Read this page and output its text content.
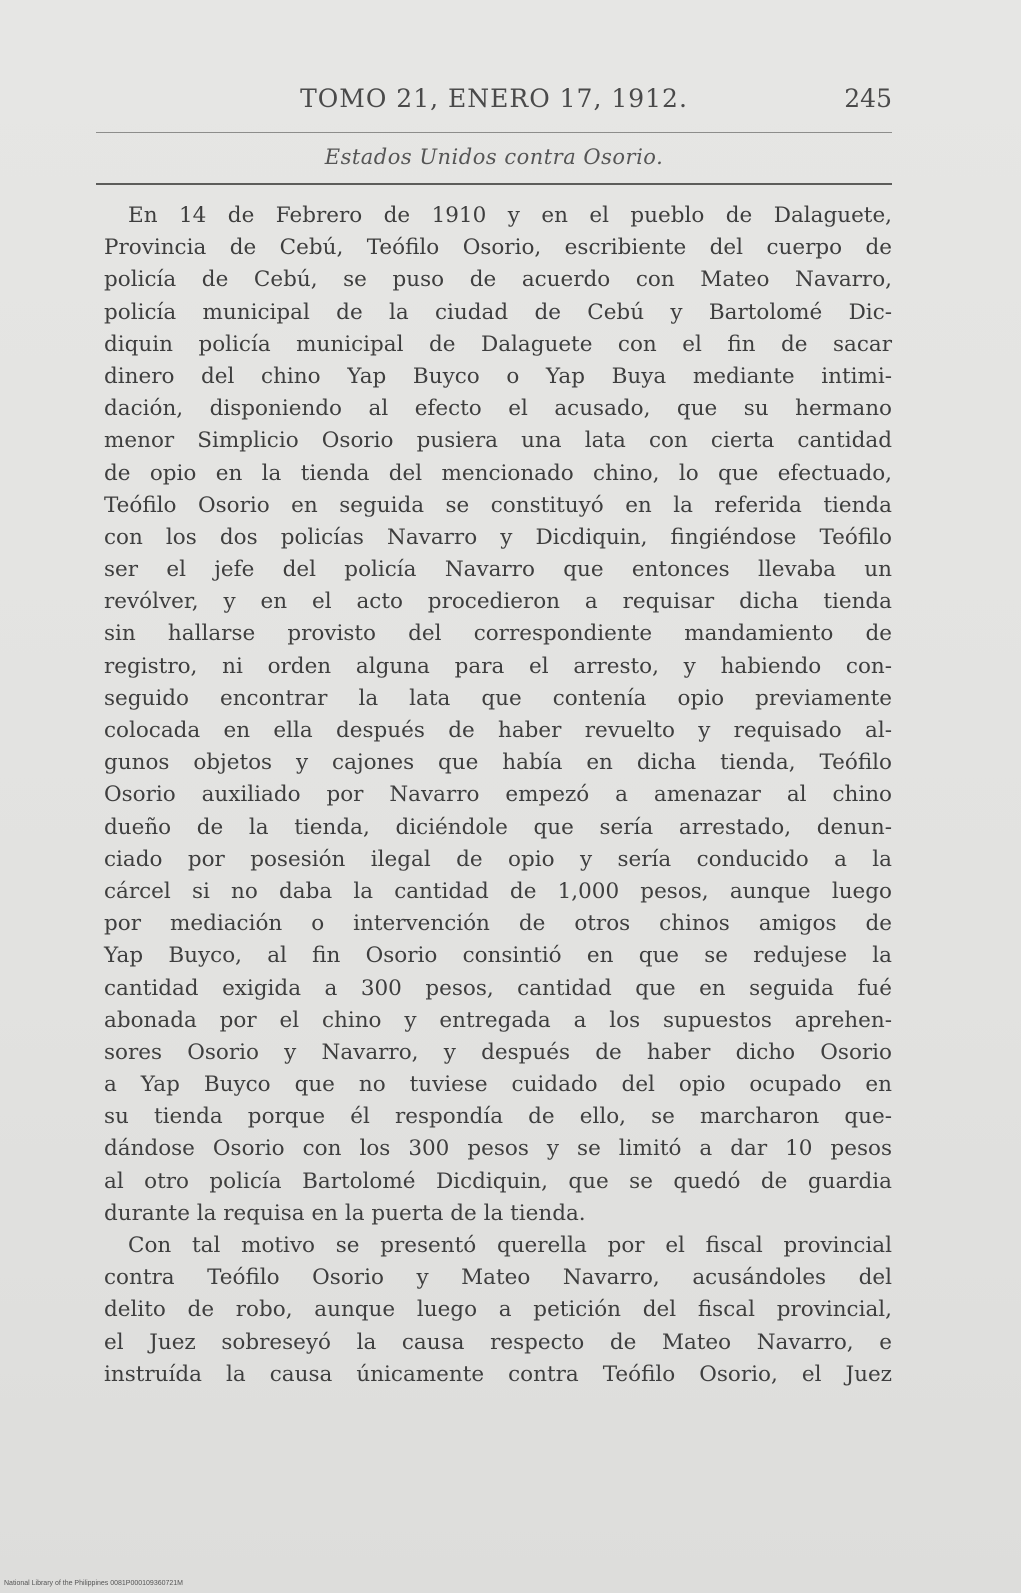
TOMO 21, ENERO 17, 1912.	245
Estados Unidos contra Osorio.
En 14 de Febrero de 1910 y en el pueblo de Dalaguete,
Provincia de Cebú, Teófilo Osorio, escribiente del cuerpo de
policía de Cebú, se puso de acuerdo con Mateo Navarro,
policía municipal de la ciudad de Cebú y Bartolomé Dic-
diquin policía municipal de Dalaguete con el fin de sacar
dinero del chino Yap Buyco o Yap Buya mediante intimi-
dación, disponiendo al efecto el acusado, que su hermano
menor Simplicio Osorio pusiera una lata con cierta cantidad
de opio en la tienda del mencionado chino, lo que efectuado,
Teófilo Osorio en seguida se constituyó en la referida tienda
con los dos policías Navarro y Dicdiquin, fingiéndose Teófilo
ser el jefe del policía Navarro que entonces llevaba un
revólver, y en el acto procedieron a requisar dicha tienda
sin hallarse provisto del correspondiente mandamiento de
registro, ni orden alguna para el arresto, y habiendo con-
seguido encontrar la lata que contenía opio previamente
colocada en ella después de haber revuelto y requisado al-
gunos objetos y cajones que había en dicha tienda, Teófilo
Osorio auxiliado por Navarro empezó a amenazar al chino
dueño de la tienda, diciéndole que sería arrestado, denun-
ciado por posesión ilegal de opio y sería conducido a la
cárcel si no daba la cantidad de 1,000 pesos, aunque luego
por mediación o intervención de otros chinos amigos de
Yap Buyco, al fin Osorio consintió en que se redujese la
cantidad exigida a 300 pesos, cantidad que en seguida fué
abonada por el chino y entregada a los supuestos aprehen-
sores Osorio y Navarro, y después de haber dicho Osorio
a Yap Buyco que no tuviese cuidado del opio ocupado en
su tienda porque él respondía de ello, se marcharon que-
dándose Osorio con los 300 pesos y se limitó a dar 10 pesos
al otro policía Bartolomé Dicdiquin, que se quedó de guardia
durante la requisa en la puerta de la tienda.
Con tal motivo se presentó querella por el fiscal provincial
contra Teófilo Osorio y Mateo Navarro, acusándoles del
delito de robo, aunque luego a petición del fiscal provincial,
el Juez sobreseyó la causa respecto de Mateo Navarro, e
instruída la causa únicamente contra Teófilo Osorio, el Juez
National Library of the Philippines 0081P000109360721M
